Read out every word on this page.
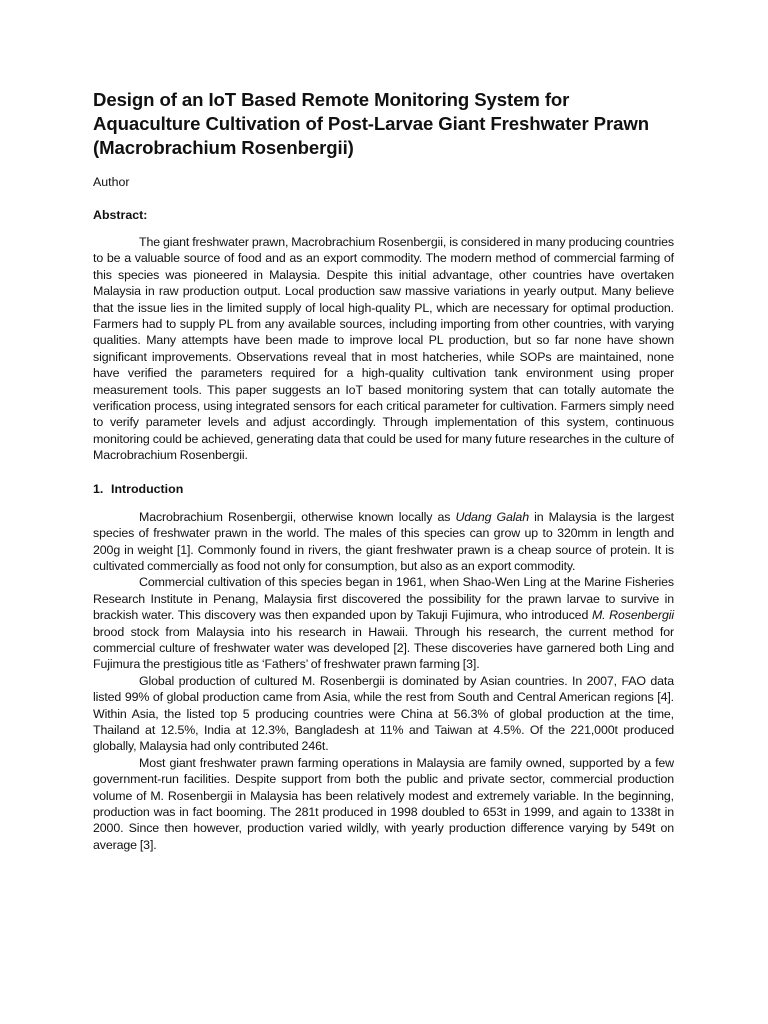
Design of an IoT Based Remote Monitoring System for Aquaculture Cultivation of Post-Larvae Giant Freshwater Prawn (Macrobrachium Rosenbergii)
Author
Abstract:

The giant freshwater prawn, Macrobrachium Rosenbergii, is considered in many producing countries to be a valuable source of food and as an export commodity. The modern method of commercial farming of this species was pioneered in Malaysia. Despite this initial advantage, other countries have overtaken Malaysia in raw production output. Local production saw massive variations in yearly output. Many believe that the issue lies in the limited supply of local high-quality PL, which are necessary for optimal production. Farmers had to supply PL from any available sources, including importing from other countries, with varying qualities. Many attempts have been made to improve local PL production, but so far none have shown significant improvements. Observations reveal that in most hatcheries, while SOPs are maintained, none have verified the parameters required for a high-quality cultivation tank environment using proper measurement tools. This paper suggests an IoT based monitoring system that can totally automate the verification process, using integrated sensors for each critical parameter for cultivation. Farmers simply need to verify parameter levels and adjust accordingly. Through implementation of this system, continuous monitoring could be achieved, generating data that could be used for many future researches in the culture of Macrobrachium Rosenbergii.

1. Introduction

Macrobrachium Rosenbergii, otherwise known locally as Udang Galah in Malaysia is the largest species of freshwater prawn in the world. The males of this species can grow up to 320mm in length and 200g in weight [1]. Commonly found in rivers, the giant freshwater prawn is a cheap source of protein. It is cultivated commercially as food not only for consumption, but also as an export commodity.

Commercial cultivation of this species began in 1961, when Shao-Wen Ling at the Marine Fisheries Research Institute in Penang, Malaysia first discovered the possibility for the prawn larvae to survive in brackish water. This discovery was then expanded upon by Takuji Fujimura, who introduced M. Rosenbergii brood stock from Malaysia into his research in Hawaii. Through his research, the current method for commercial culture of freshwater water was developed [2]. These discoveries have garnered both Ling and Fujimura the prestigious title as ‘Fathers’ of freshwater prawn farming [3].

Global production of cultured M. Rosenbergii is dominated by Asian countries. In 2007, FAO data listed 99% of global production came from Asia, while the rest from South and Central American regions [4]. Within Asia, the listed top 5 producing countries were China at 56.3% of global production at the time, Thailand at 12.5%, India at 12.3%, Bangladesh at 11% and Taiwan at 4.5%. Of the 221,000t produced globally, Malaysia had only contributed 246t.

Most giant freshwater prawn farming operations in Malaysia are family owned, supported by a few government-run facilities. Despite support from both the public and private sector, commercial production volume of M. Rosenbergii in Malaysia has been relatively modest and extremely variable. In the beginning, production was in fact booming. The 281t produced in 1998 doubled to 653t in 1999, and again to 1338t in 2000. Since then however, production varied wildly, with yearly production difference varying by 549t on average [3].
